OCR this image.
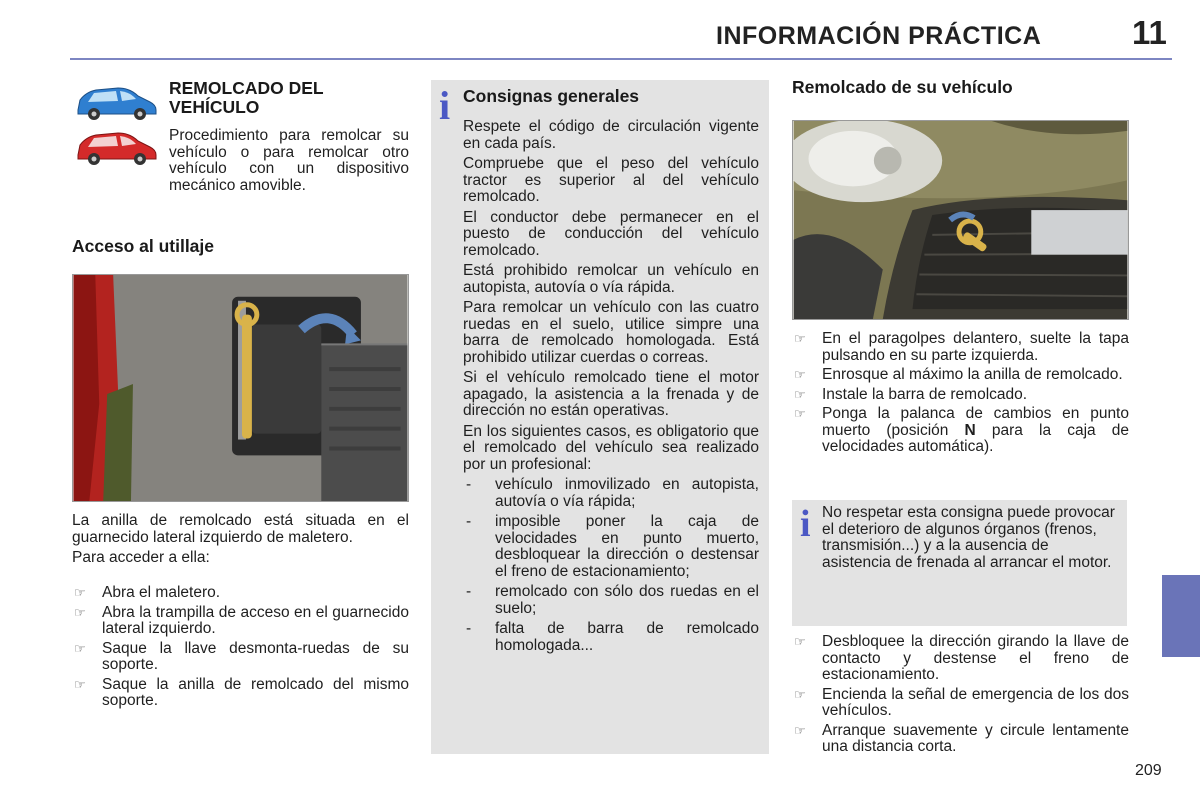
INFORMACIÓN PRÁCTICA	11
REMOLCADO DEL VEHÍCULO
Procedimiento para remolcar su vehículo o para remolcar otro vehículo con un dispositivo mecánico amovible.
Acceso al utillaje

La anilla de remolcado está situada en el guarnecido lateral izquierdo de maletero.

Para acceder a ella:

☞ Abra el maletero.
☞ Abra la trampilla de acceso en el guarnecido lateral izquierdo.
☞ Saque la llave desmonta-ruedas de su soporte.
☞ Saque la anilla de remolcado del mismo soporte.
i Consignas generales

Respete el código de circulación vigente en cada país.

Compruebe que el peso del vehículo tractor es superior al del vehículo remolcado.

El conductor debe permanecer en el puesto de conducción del vehículo remolcado.

Está prohibido remolcar un vehículo en autopista, autovía o vía rápida.

Para remolcar un vehículo con las cuatro ruedas en el suelo, utilice simpre una barra de remolcado homologada. Está prohibido utilizar cuerdas o correas.

Si el vehículo remolcado tiene el motor apagado, la asistencia a la frenada y de dirección no están operativas.

En los siguientes casos, es obligatorio que el remolcado del vehículo sea realizado por un profesional:

- vehículo inmovilizado en autopista, autovía o vía rápida;
- imposible poner la caja de velocidades en punto muerto, desbloquear la dirección o destensar el freno de estacionamiento;
- remolcado con sólo dos ruedas en el suelo;
- falta de barra de remolcado homologada...
Remolcado de su vehículo
☞ En el paragolpes delantero, suelte la tapa pulsando en su parte izquierda.
☞ Enrosque al máximo la anilla de remolcado.
☞ Instale la barra de remolcado.
☞ Ponga la palanca de cambios en punto muerto (posición N para la caja de velocidades automática).
i No respetar esta consigna puede provocar el deterioro de algunos órganos (frenos, transmisión...) y a la ausencia de asistencia de frenada al arrancar el motor.
☞ Desbloquee la dirección girando la llave de contacto y destense el freno de estacionamiento.
☞ Encienda la señal de emergencia de los dos vehículos.
☞ Arranque suavemente y circule lentamente una distancia corta.
209
